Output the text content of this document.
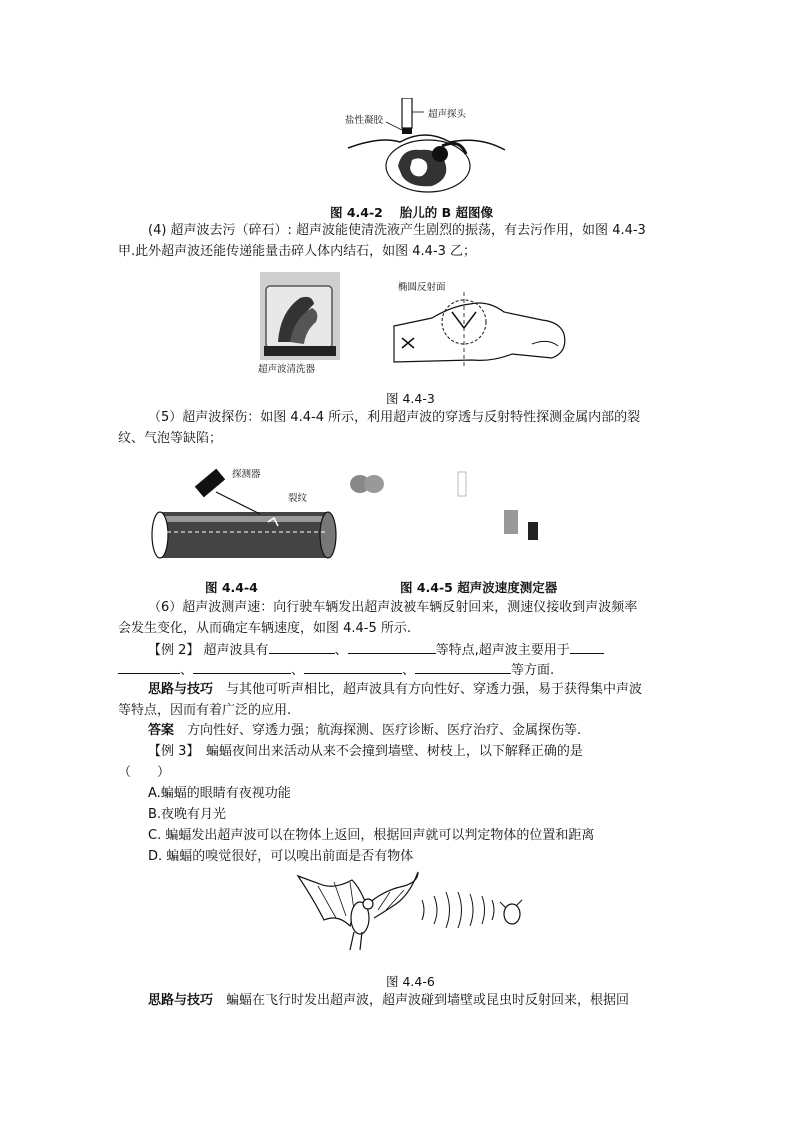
盐性凝胶
超声探头
图 4.4-2　 胎儿的 B 超图像
(4) 超声波去污（碎石）: 超声波能使清洗液产生剧烈的振荡，有去污作用，如图 4.4-3
甲.此外超声波还能传递能量击碎人体内结石，如图 4.4-3 乙；
超声波清洗器
椭圆反射面
图 4.4-3
（5）超声波探伤：如图 4.4-4 所示，利用超声波的穿透与反射特性探测金属内部的裂
纹、气泡等缺陷；
探测器
裂纹
图 4.4-4	图 4.4-5 超声波速度测定器
（6）超声波测声速：向行驶车辆发出超声波被车辆反射回来，测速仪接收到声波频率
会发生变化，从而确定车辆速度，如图 4.4-5 所示.
【例 2】 超声波具有	、	等特点,超声波主要用于
、	、	、	等方面.
思路与技巧　 与其他可听声相比，超声波具有方向性好、穿透力强，易于获得集中声波
等特点，因而有着广泛的应用.
答案　 方向性好、穿透力强；航海探测、医疗诊断、医疗治疗、金属探伤等.
【例 3】　 蝙蝠夜间出来活动从来不会撞到墙壁、树枝上，以下解释正确的是
（　　）
A.蝙蝠的眼睛有夜视功能
B.夜晚有月光
C. 蝙蝠发出超声波可以在物体上返回，根据回声就可以判定物体的位置和距离
D. 蝙蝠的嗅觉很好，可以嗅出前面是否有物体
图 4.4-6
思路与技巧　 蝙蝠在飞行时发出超声波，超声波碰到墙壁或昆虫时反射回来，根据回
